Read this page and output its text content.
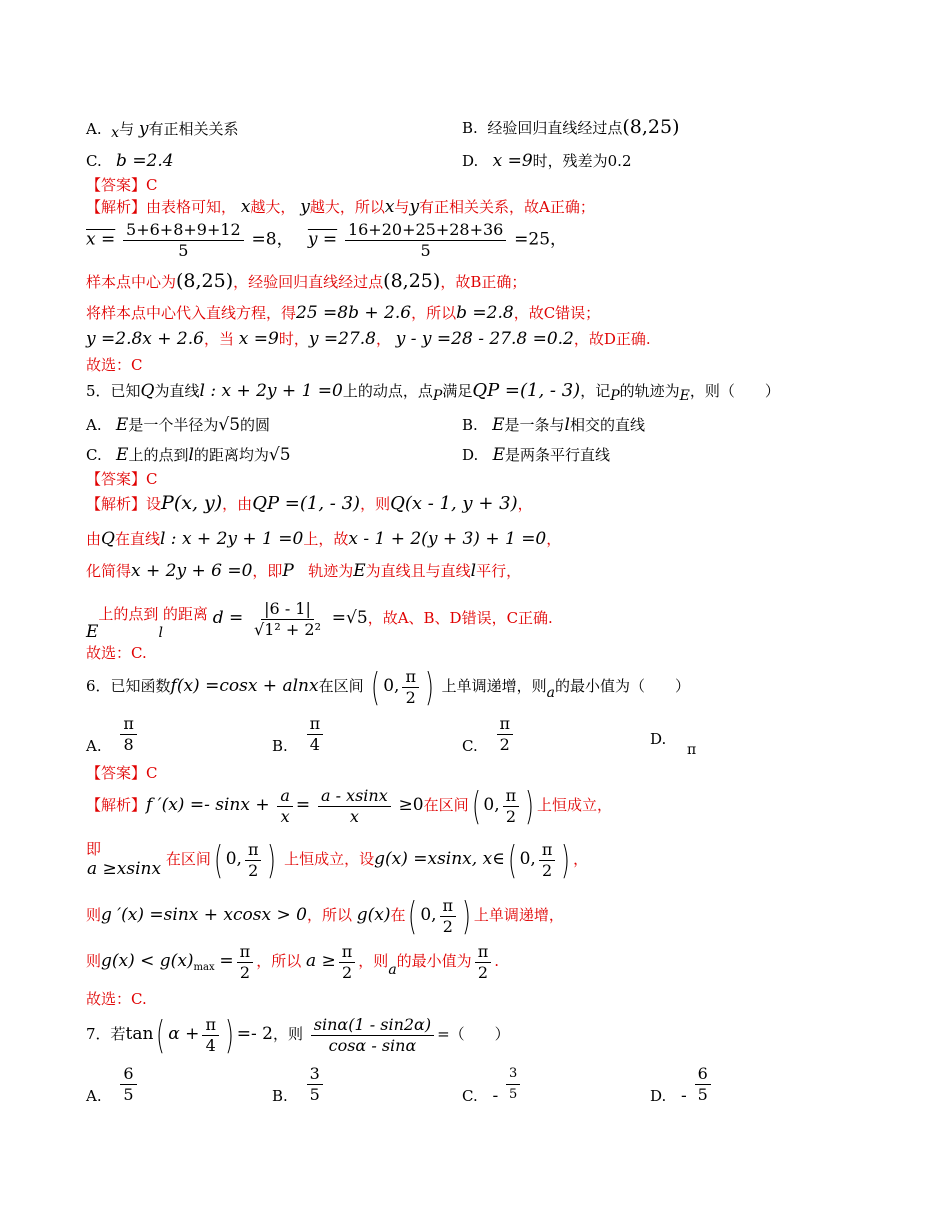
A. x与 y有正相关关系	B. 经验回归直线经过点(8,25)
C. b =2.4	D. x =9时，残差为0.2
【答案】C
【解析】由表格可知， x越大， y越大，所以x与y有正相关关系，故A正确；
$x = \frac{5+6+8+9+12}{5} =8$， $y = \frac{16+20+25+28+36}{5} =25$，
样本点中心为(8,25)，经验回归直线经过点(8,25)，故B正确；
将样本点中心代入直线方程，得25 =8b + 2.6，所以b =2.8，故C错误；
y =2.8x + 2.6，当 x =9时，y =27.8， y - y =28 - 27.8 =0.2，故D正确.
故选：C
5．已知Q为直线l : x + 2y + 1 =0上的动点，点P满足QP =(1, - 3)，记P的轨迹为E，则（　　）
A. E是一个半径为√5的圆	B. E是一条与l相交的直线
C. E上的点到l的距离均为√5	D. E是两条平行直线
【答案】C
【解析】设P(x, y)，由QP =(1, - 3)，则Q(x - 1, y + 3)，
由Q在直线l : x + 2y + 1 =0上，故x - 1 + 2(y + 3) + 1 =0，
化简得x + 2y + 6 =0，即P 轨迹为E为直线且与直线l平行，
E上的点到l的距离 $d = \frac{|6 - 1|}{\text{√1² + 2²}} =√5$，故A、B、D错误，C正确.
故选：C.
6．已知函数f(x) =cosx + alnx在区间 ( 0, $\frac{\pi}{2}$ ) 上单调递增，则a的最小值为（　　）
A. $\frac{\pi}{8}$	B. $\frac{\pi}{4}$	C. $\frac{\pi}{2}$	D. π
【答案】C
【解析】f $'(x) =- \sin x + \frac{a}{x} = \frac{a - xsinx}{x} \ge 0$在区间( 0, $\frac{\pi}{2}$ ) 上恒成立，
即a ≥xsinx 在区间( 0, $\frac{\pi}{2}$ ) 上恒成立，设g(x) =xsinx, x∈( 0, $\frac{\pi}{2}$ ) ，
则g ′(x) =sinx + xcosx > 0，所以 g(x)在( 0, $\frac{\pi}{2}$ ) 上单调递增，
则$g(x) < g(x)_{max} = \frac{\pi}{2}$ ，所以 $a \ge \frac{\pi}{2}$ ，则a的最小值为 $\frac{\pi}{2}$ .
故选：C.
7．若tan( $\alpha + \frac{\pi}{4}$ ) =- 2，则 $\frac{\sin\alpha(1 - \sin 2\alpha)}{\cos\alpha - \sin\alpha}$ =（　　）
A. $\frac{6}{5}$	B. $\frac{3}{5}$	C. - $\frac{3}{5}$	D. - $\frac{6}{5}$
